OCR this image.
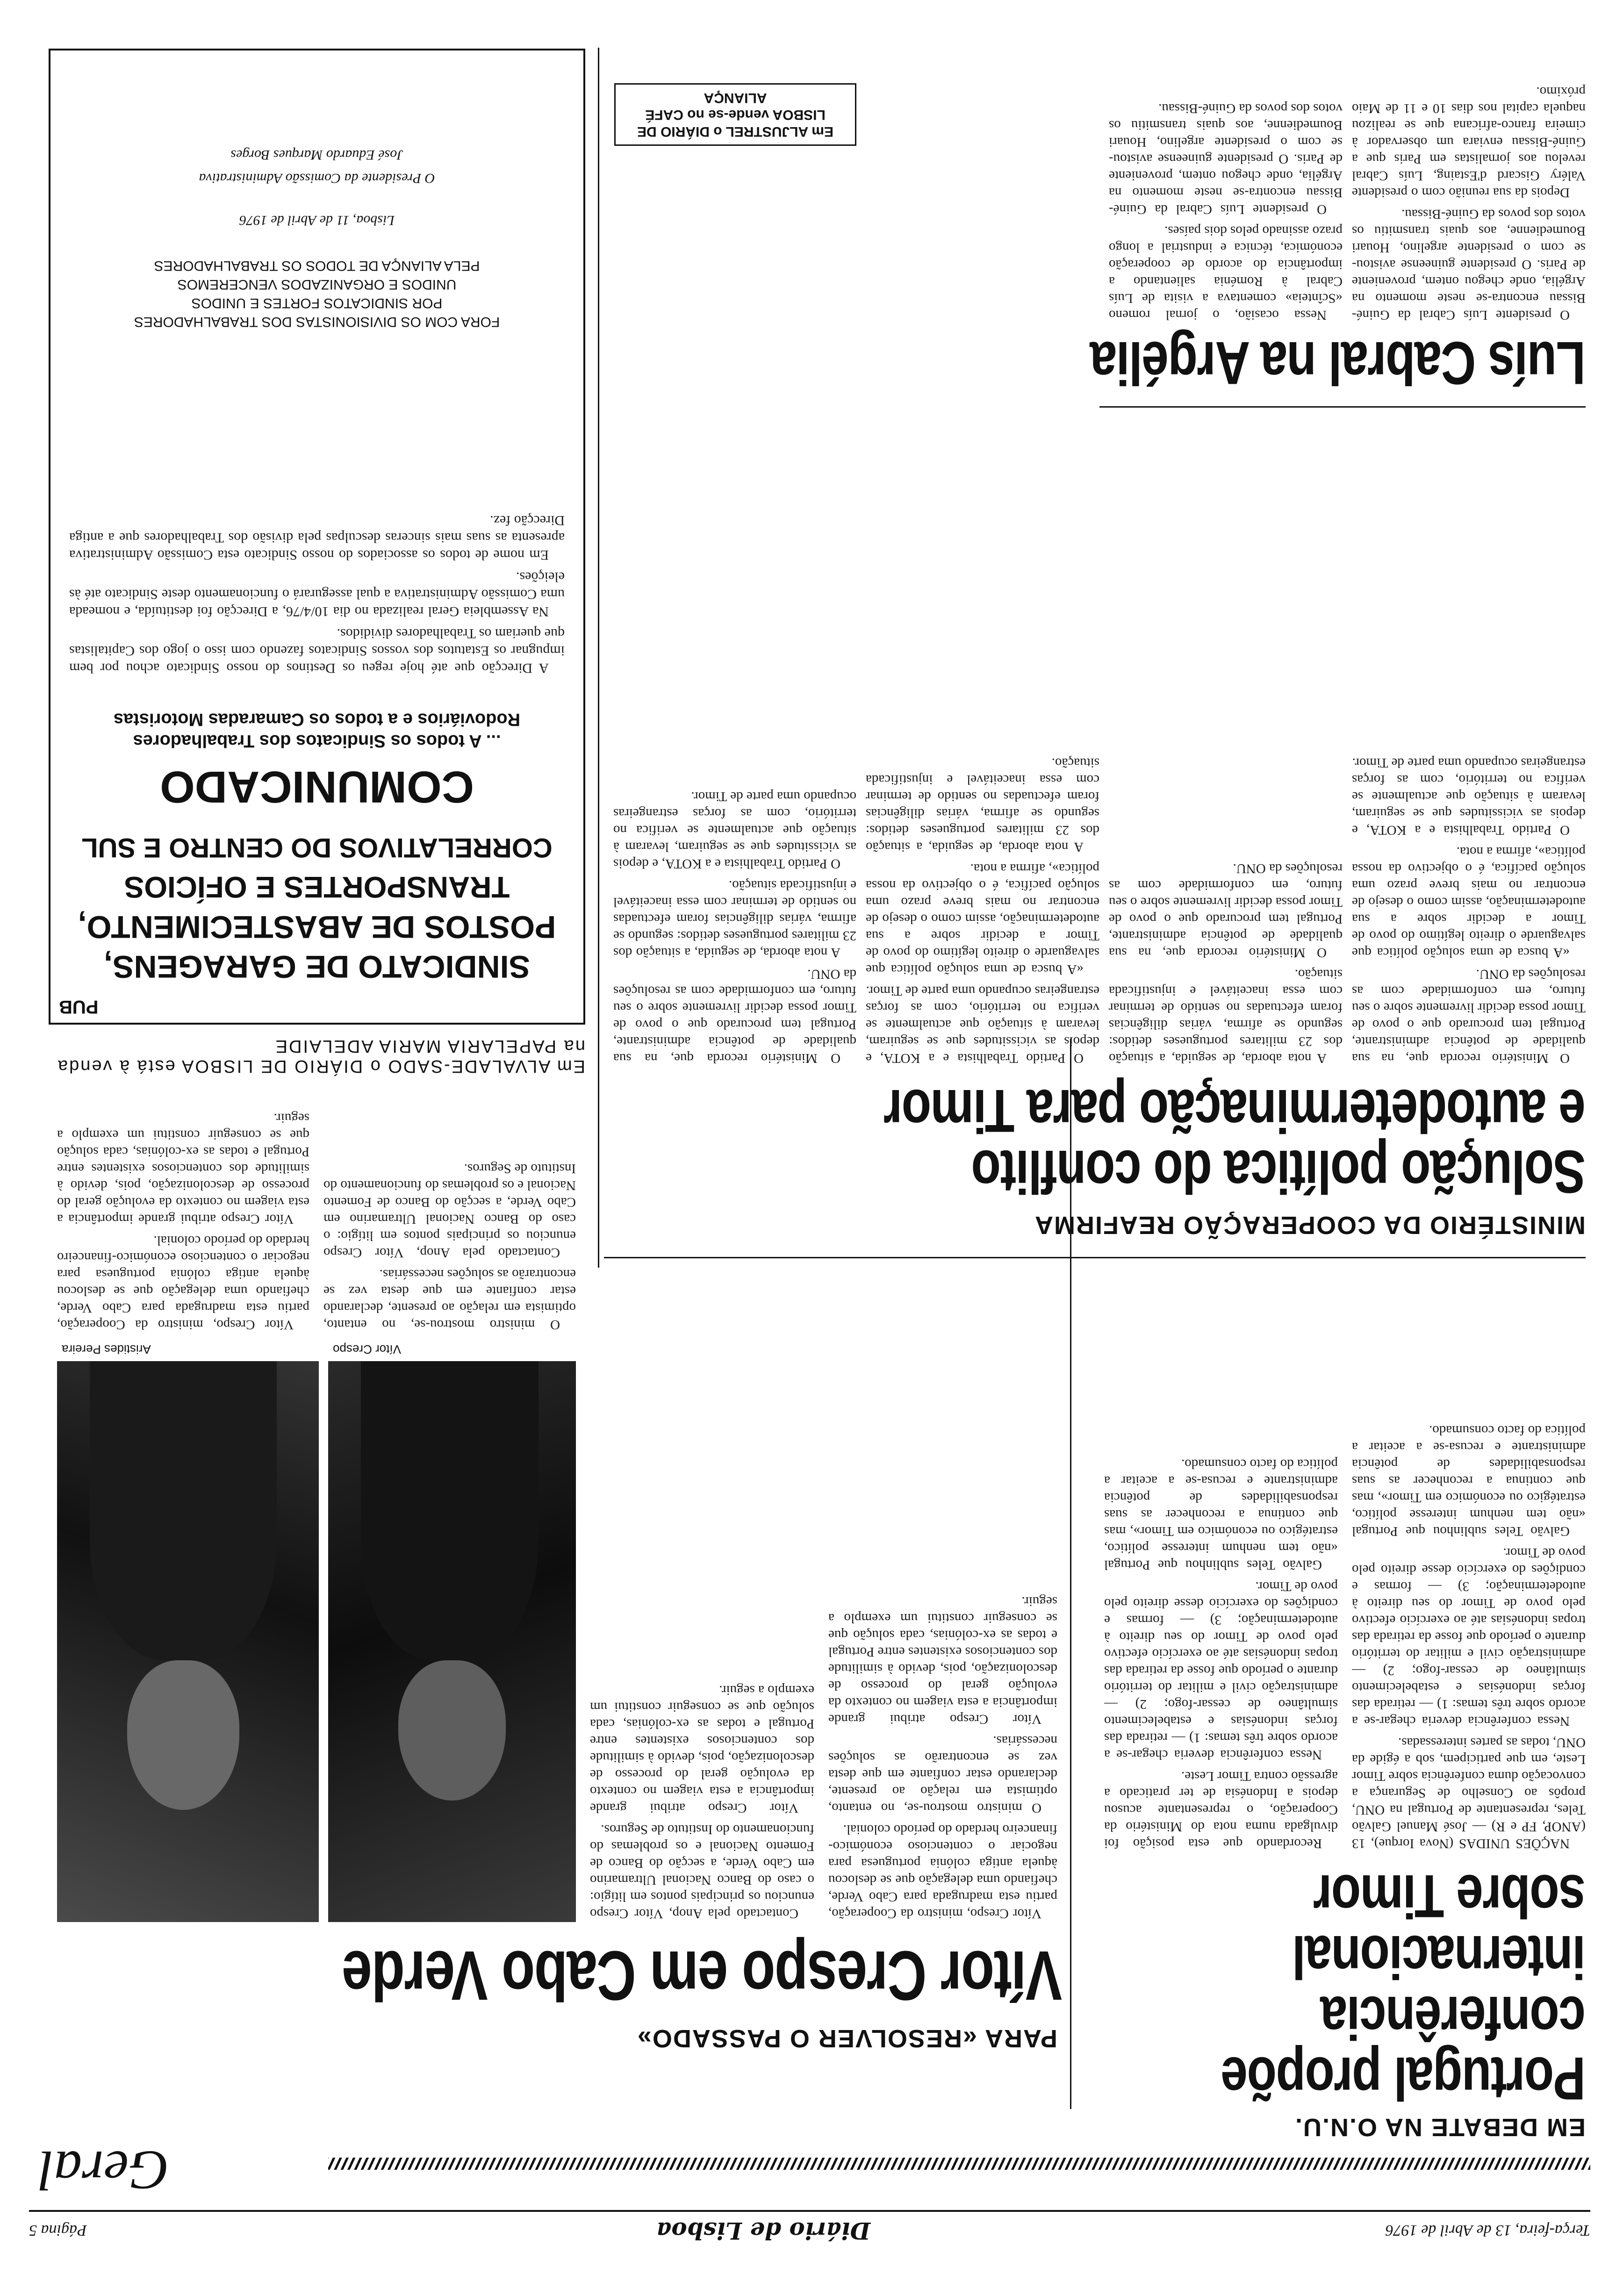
Terça-feira, 13 de Abril de 1976
Diário de Lisboa
Página 5
Geral
EM DEBATE NA O.N.U.
Portugal propõe
conferência
internacional
sobre Timor

NAÇÕES UNIDAS (Nova Iorque), 13 (ANOP, FP e R) — José Manuel Galvão Teles, representante de Portugal na ONU, propôs ao Conselho de Segurança a convocação duma conferência sobre Timor Leste, em que participem, sob a égide da ONU, todas as partes interessadas.

Nessa conferência deveria chegar-se a acordo sobre três temas: 1) — retirada das forças indonésias e estabelecimento simultâneo de cessar-fogo; 2) — administração civil e militar do território durante o período que fosse da retirada das tropas indonésias até ao exercício efectivo pelo povo de Timor do seu direito à autodeterminação; 3) — formas e condições do exercício desse direito pelo povo de Timor.

Galvão Teles sublinhou que Portugal «não tem nenhum interesse político, estratégico ou económico em Timor», mas que continua a reconhecer as suas responsabilidades de potência administrante e recusa-se a aceitar a política do facto consumado.

Recordando que esta posição foi divulgada numa nota do Ministério da Cooperação, o representante acusou depois a Indonésia de ter praticado a agressão contra Timor Leste.

Nessa conferência deveria chegar-se a acordo sobre três temas: 1) — retirada das forças indonésias e estabelecimento simultâneo de cessar-fogo; 2) — administração civil e militar do território durante o período que fosse da retirada das tropas indonésias até ao exercício efectivo pelo povo de Timor do seu direito à autodeterminação; 3) — formas e condições do exercício desse direito pelo povo de Timor.

Galvão Teles sublinhou que Portugal «não tem nenhum interesse político, estratégico ou económico em Timor», mas que continua a reconhecer as suas responsabilidades de potência administrante e recusa-se a aceitar a política do facto consumado.

PARA «RESOLVER O PASSADO»
Vítor Crespo em Cabo Verde

Vítor Crespo, ministro da Cooperação, partiu esta madrugada para Cabo Verde, chefiando uma delegação que se deslocou àquela antiga colónia portuguesa para negociar o contencioso económico-financeiro herdado do período colonial.

O ministro mostrou-se, no entanto, optimista em relação ao presente, declarando estar confiante em que desta vez se encontrarão as soluções necessárias.

Vítor Crespo atribui grande importância a esta viagem no contexto da evolução geral do processo de descolonização, pois, devido à similitude dos contenciosos existentes entre Portugal e todas as ex-colónias, cada solução que se conseguir constitui um exemplo a seguir.

Contactado pela Anop, Vítor Crespo enunciou os principais pontos em litígio: o caso do Banco Nacional Ultramarino em Cabo Verde, a secção do Banco de Fomento Nacional e os problemas do funcionamento do Instituto de Seguros.

Vítor Crespo atribui grande importância a esta viagem no contexto da evolução geral do processo de descolonização, pois, devido à similitude dos contenciosos existentes entre Portugal e todas as ex-colónias, cada solução que se conseguir constitui um exemplo a seguir.

Vítor Crespo
Aristides Pereira

O ministro mostrou-se, no entanto, optimista em relação ao presente, declarando estar confiante em que desta vez se encontrarão as soluções necessárias.

Contactado pela Anop, Vítor Crespo enunciou os principais pontos em litígio: o caso do Banco Nacional Ultramarino em Cabo Verde, a secção do Banco de Fomento Nacional e os problemas do funcionamento do Instituto de Seguros.

Vítor Crespo, ministro da Cooperação, partiu esta madrugada para Cabo Verde, chefiando uma delegação que se deslocou àquela antiga colónia portuguesa para negociar o contencioso económico-financeiro herdado do período colonial.

Vítor Crespo atribui grande importância a esta viagem no contexto da evolução geral do processo de descolonização, pois, devido à similitude dos contenciosos existentes entre Portugal e todas as ex-colónias, cada solução que se conseguir constitui um exemplo a seguir.

MINISTÉRIO DA COOPERAÇÃO REAFIRMA
Solução política do conflito
e autodeterminação para Timor

O Ministério recorda que, na sua qualidade de potência administrante, Portugal tem procurado que o povo de Timor possa decidir livremente sobre o seu futuro, em conformidade com as resoluções da ONU.

«A busca de uma solução política que salvaguarde o direito legítimo do povo de Timor a decidir sobre a sua autodeterminação, assim como o desejo de encontrar no mais breve prazo uma solução pacífica, é o objectivo da nossa política», afirma a nota.

O Partido Trabalhista e a KOTA, e depois as vicissitudes que se seguiram, levaram à situação que actualmente se verifica no território, com as forças estrangeiras ocupando uma parte de Timor.

A nota aborda, de seguida, a situação dos 23 militares portugueses detidos: segundo se afirma, várias diligências foram efectuadas no sentido de terminar com essa inaceitável e injustificada situação.

O Ministério recorda que, na sua qualidade de potência administrante, Portugal tem procurado que o povo de Timor possa decidir livremente sobre o seu futuro, em conformidade com as resoluções da ONU.

O Partido Trabalhista e a KOTA, e depois as vicissitudes que se seguiram, levaram à situação que actualmente se verifica no território, com as forças estrangeiras ocupando uma parte de Timor.

«A busca de uma solução política que salvaguarde o direito legítimo do povo de Timor a decidir sobre a sua autodeterminação, assim como o desejo de encontrar no mais breve prazo uma solução pacífica, é o objectivo da nossa política», afirma a nota.

A nota aborda, de seguida, a situação dos 23 militares portugueses detidos: segundo se afirma, várias diligências foram efectuadas no sentido de terminar com essa inaceitável e injustificada situação.

O Ministério recorda que, na sua qualidade de potência administrante, Portugal tem procurado que o povo de Timor possa decidir livremente sobre o seu futuro, em conformidade com as resoluções da ONU.

A nota aborda, de seguida, a situação dos 23 militares portugueses detidos: segundo se afirma, várias diligências foram efectuadas no sentido de terminar com essa inaceitável e injustificada situação.

O Partido Trabalhista e a KOTA, e depois as vicissitudes que se seguiram, levaram à situação que actualmente se verifica no território, com as forças estrangeiras ocupando uma parte de Timor.

Luís Cabral na Argélia

O presidente Luís Cabral da Guiné-Bissau encontra-se neste momento na Argélia, onde chegou ontem, proveniente de Paris. O presidente guineense avistou-se com o presidente argelino, Houari Boumedienne, aos quais transmitiu os votos dos povos da Guiné-Bissau.

Depois da sua reunião com o presidente Valéry Giscard d'Estaing, Luís Cabral revelou aos jornalistas em Paris que a Guiné-Bissau enviara um observador à cimeira franco-africana que se realizou naquela capital nos dias 10 e 11 de Maio próximo.

Nessa ocasião, o jornal romeno «Scînteia» comentava a visita de Luís Cabral à Roménia salientando a importância do acordo de cooperação económica, técnica e industrial a longo prazo assinado pelos dois países.

O presidente Luís Cabral da Guiné-Bissau encontra-se neste momento na Argélia, onde chegou ontem, proveniente de Paris. O presidente guineense avistou-se com o presidente argelino, Houari Boumedienne, aos quais transmitiu os votos dos povos da Guiné-Bissau.

Em ALJUSTREL o DIÁRIO DE LISBOA vende-se no CAFÉ ALIANÇA
Em ALVALADE-SADO o DIÁRIO DE LISBOA está à venda na PAPELARIA MARIA ADELAIDE
PUB
SINDICATO DE GARAGENS,
POSTOS DE ABASTECIMENTO,
TRANSPORTES E OFÍCIOS
CORRELATIVOS DO CENTRO E SUL
COMUNICADO
... A todos os Sindicatos dos Trabalhadores Rodoviários e a todos os Camaradas Motoristas

A Direcção que até hoje regeu os Destinos do nosso Sindicato achou por bem impugnar os Estatutos dos vossos Sindicatos fazendo com isso o jogo dos Capitalistas que queriam os Trabalhadores divididos.

Na Assembleia Geral realizada no dia 10/4/76, a Direcção foi destituída, e nomeada uma Comissão Administrativa a qual assegurará o funcionamento deste Sindicato até às eleições.

Em nome de todos os associados do nosso Sindicato esta Comissão Administrativa apresenta as suas mais sinceras desculpas pela divisão dos Trabalhadores que a antiga Direcção fez.

FORA COM OS DIVISIONISTAS DOS TRABALHADORES
POR SINDICATOS FORTES E UNIDOS
UNIDOS E ORGANIZADOS VENCEREMOS
PELA ALIANÇA DE TODOS OS TRABALHADORES
Lisboa, 11 de Abril de 1976
O Presidente da Comissão Administrativa
José Eduardo Marques Borges
